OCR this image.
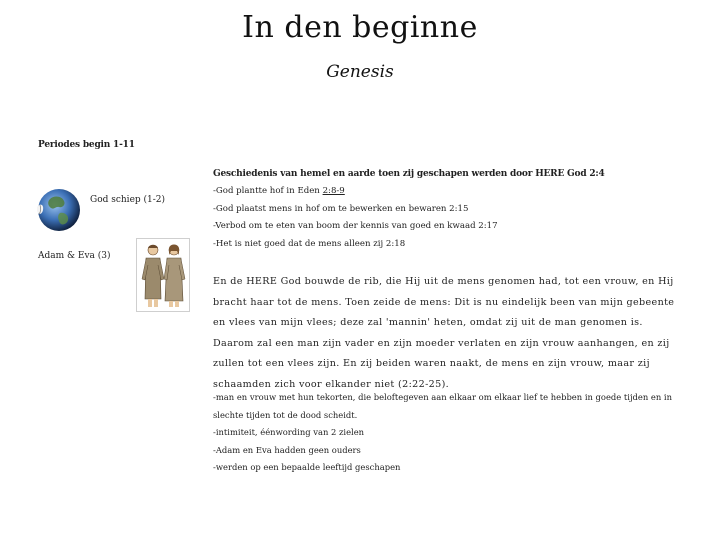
In den beginne
Genesis
Periodes begin 1-11
God schiep (1-2)
Adam & Eva (3)
Geschiedenis van hemel en aarde toen zij geschapen werden door HERE God 2:4
-God plantte hof in Eden 2:8-9
-God plaatst mens in hof om te bewerken en bewaren 2:15
-Verbod om te eten van boom der kennis van goed en kwaad 2:17
-Het is niet goed dat de mens alleen zij 2:18
En de HERE God bouwde de rib, die Hij uit de mens genomen had, tot een vrouw, en Hij bracht haar tot de mens. Toen zeide de mens: Dit is nu eindelijk been van mijn gebeente en vlees van mijn vlees; deze zal 'mannin' heten, omdat zij uit de man genomen is. Daarom zal een man zijn vader en zijn moeder verlaten en zijn vrouw aanhangen, en zij zullen tot een vlees zijn. En zij beiden waren naakt, de mens en zijn vrouw, maar zij schaamden zich voor elkander niet (2:22-25).
-man en vrouw met hun tekorten, die beloftegeven aan elkaar om elkaar lief te hebben in goede tijden en in slechte tijden tot de dood scheidt.
-intimiteit, éénwording van 2 zielen
-Adam en Eva hadden geen ouders
-werden op een bepaalde leeftijd geschapen
